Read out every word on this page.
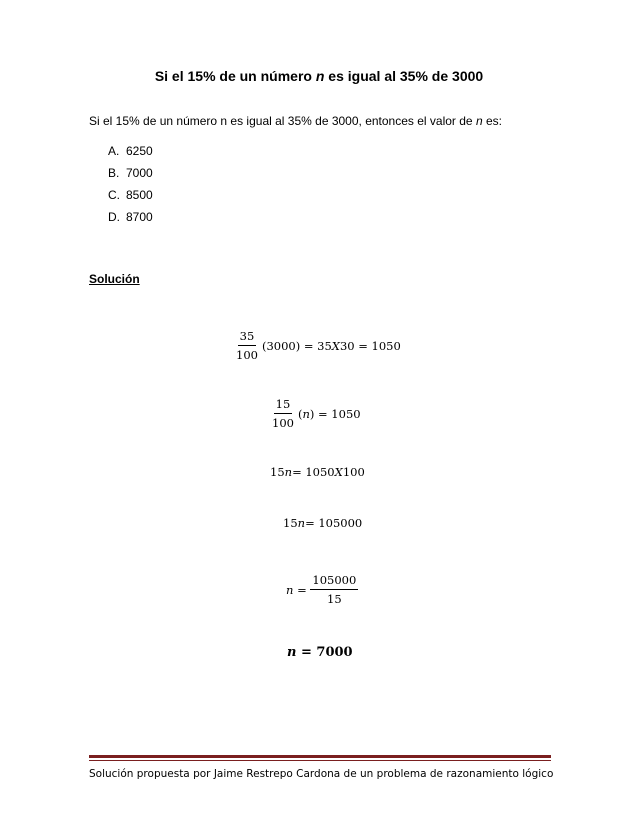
Si el 15% de un número n es igual al 35% de 3000
Si el 15% de un número n es igual al 35% de 3000, entonces el valor de n es:
A. 6250
B. 7000
C. 8500
D. 8700
Solución
$\frac{35}{100} (3000) = 35$ X 30 = 1050
$\frac{15}{100}$ ( n ) = 1050
15 n = 1050 X 100
15 n = 105000
$n = \frac{105000}{15}$
n = 7000
Solución propuesta por Jaime Restrepo Cardona de un problema de razonamiento lógico
